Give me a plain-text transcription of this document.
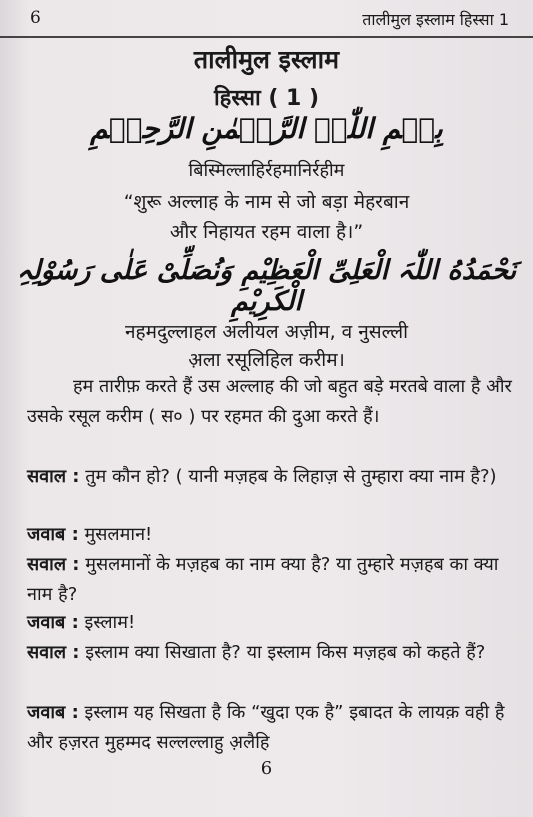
6	तालीमुल इस्लाम हिस्सा 1
तालीमुल इस्लाम
हिस्सा ( 1 )
بِسۡمِ اللّٰہِ الرَّحۡمٰنِ الرَّحِیۡمِ
बिस्मिल्लाहिर्रहमानिर्रहीम
“शुरू अल्लाह के नाम से जो बड़ा मेहरबान
और निहायत रहम वाला है।”
نَحْمَدُهُ اللّٰہَ الْعَلِیِّ الْعَظِیْمِ وَنُصَلِّیْ عَلٰی رَسُوْلِہِ الْکَرِیْمِ
नहमदुल्लाहल अलीयल अज़ीम, व नुसल्ली
अ़ला रसूलिहिल करीम।

हम तारीफ़ करते हैं उस अल्लाह की जो बहुत बड़े मरतबे वाला है और उसके रसूल करीम ( स० ) पर रहमत की दुआ करते हैं।

सवाल : तुम कौन हो? ( यानी मज़हब के लिहाज़ से तुम्हारा क्या नाम है?)

जवाब : मुसलमान!

सवाल : मुसलमानों के मज़हब का नाम क्या है? या तुम्हारे मज़हब का क्या नाम है?

जवाब : इस्लाम!

सवाल : इस्लाम क्या सिखाता है? या इस्लाम किस मज़हब को कहते हैं?

जवाब : इस्लाम यह सिखता है कि “खुदा एक है” इबादत के लायक़ वही है और हज़रत मुहम्मद सल्लल्लाहु अ़लैहि

6
